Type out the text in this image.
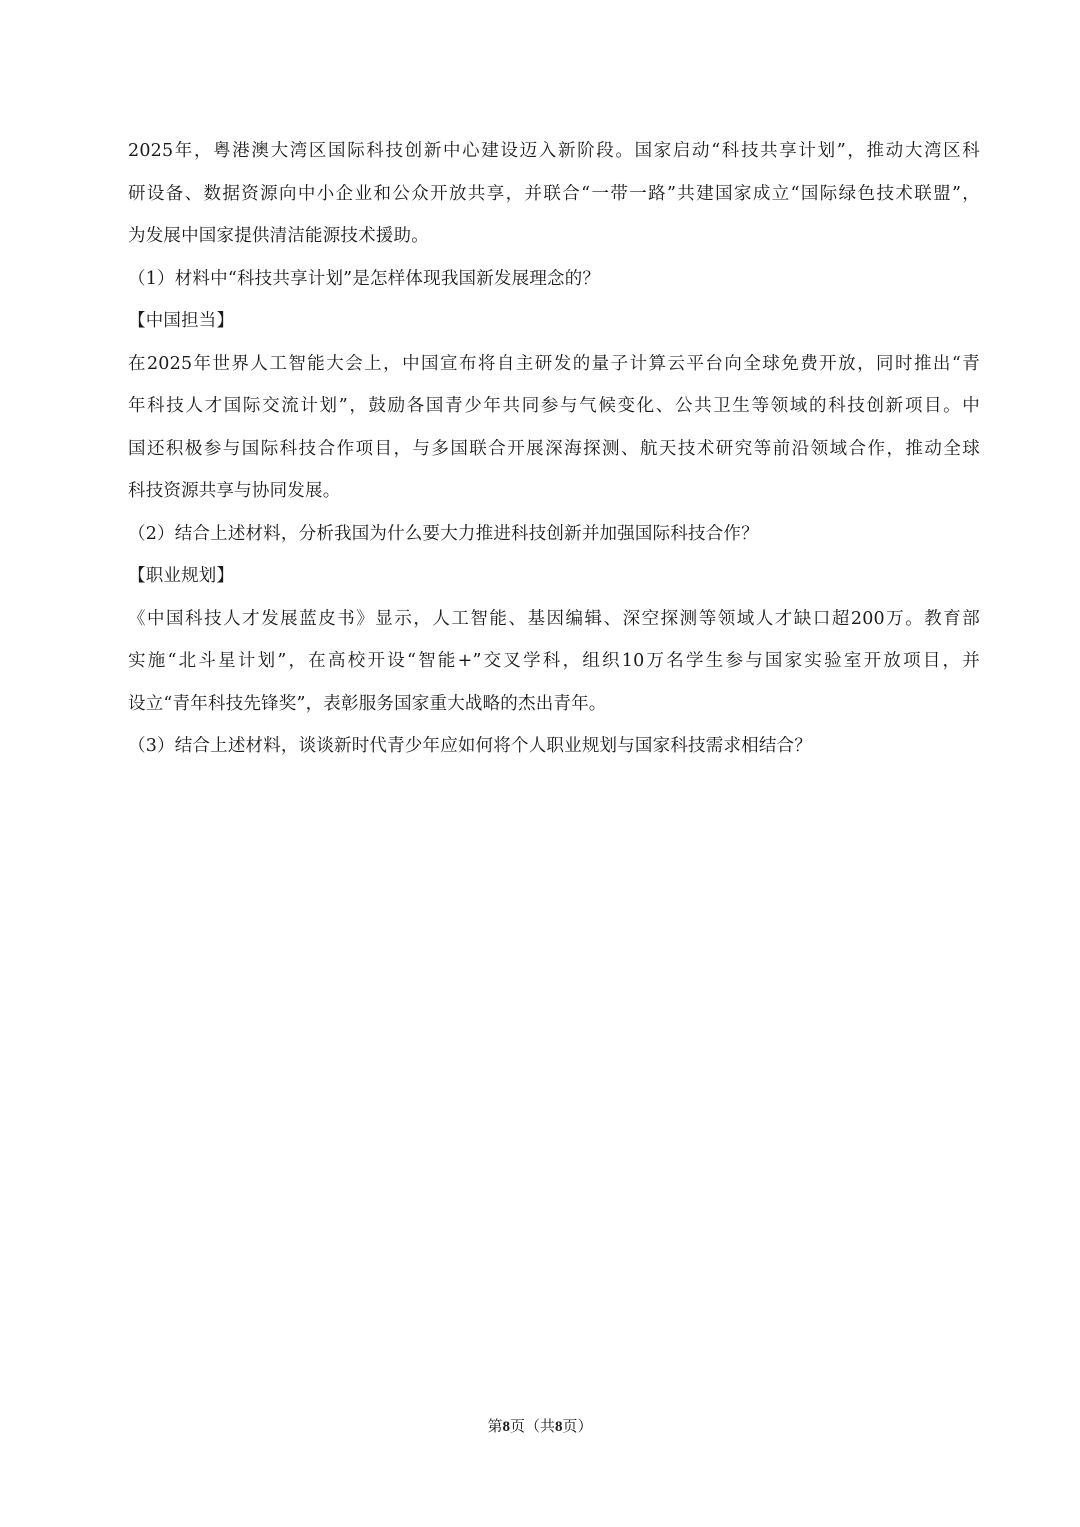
2025年，粤港澳大湾区国际科技创新中心建设迈入新阶段。国家启动“科技共享计划”，推动大湾区科
研设备、数据资源向中小企业和公众开放共享，并联合“一带一路”共建国家成立“国际绿色技术联盟”，
为发展中国家提供清洁能源技术援助。
（1）材料中“科技共享计划”是怎样体现我国新发展理念的？
【中国担当】
在2025年世界人工智能大会上，中国宣布将自主研发的量子计算云平台向全球免费开放，同时推出“青
年科技人才国际交流计划”，鼓励各国青少年共同参与气候变化、公共卫生等领域的科技创新项目。中
国还积极参与国际科技合作项目，与多国联合开展深海探测、航天技术研究等前沿领域合作，推动全球
科技资源共享与协同发展。
（2）结合上述材料，分析我国为什么要大力推进科技创新并加强国际科技合作？
【职业规划】
《中国科技人才发展蓝皮书》显示，人工智能、基因编辑、深空探测等领域人才缺口超200万。教育部
实施“北斗星计划”，在高校开设“智能+”交叉学科，组织10万名学生参与国家实验室开放项目，并
设立“青年科技先锋奖”，表彰服务国家重大战略的杰出青年。
（3）结合上述材料，谈谈新时代青少年应如何将个人职业规划与国家科技需求相结合？
第8页（共8页）
